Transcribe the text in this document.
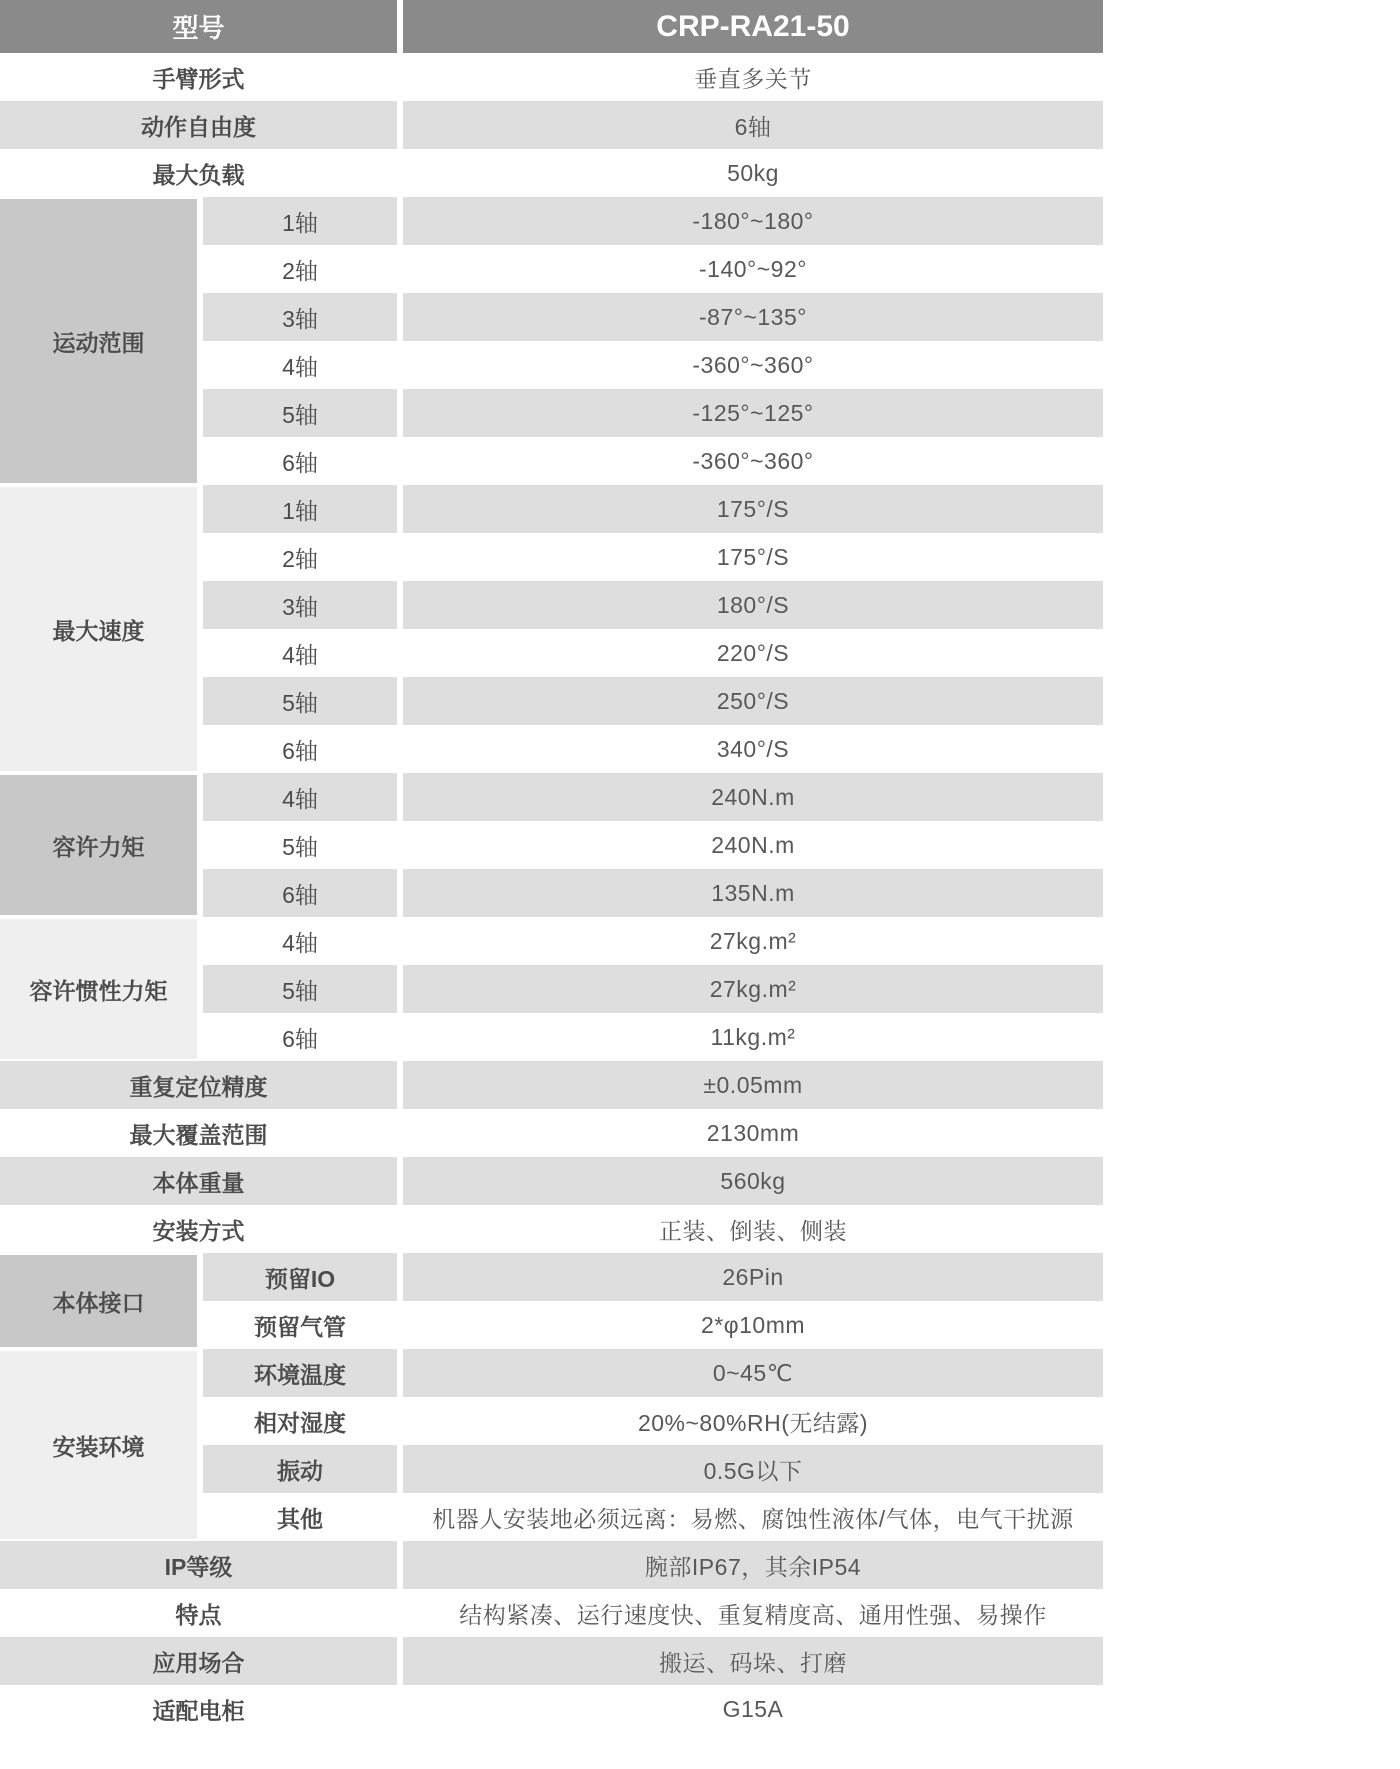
型号	CRP-RA21-50
手臂形式	垂直多关节
动作自由度	6轴
最大负载	50kg
运动范围
1轴	-180°~180°
2轴	-140°~92°
3轴	-87°~135°
4轴	-360°~360°
5轴	-125°~125°
6轴	-360°~360°
最大速度
1轴	175°/S
2轴	175°/S
3轴	180°/S
4轴	220°/S
5轴	250°/S
6轴	340°/S
容许力矩
4轴	240N.m
5轴	240N.m
6轴	135N.m
容许惯性力矩
4轴	27kg.m²
5轴	27kg.m²
6轴	11kg.m²
重复定位精度	±0.05mm
最大覆盖范围	2130mm
本体重量	560kg
安装方式	正装、倒装、侧装
本体接口
预留IO	26Pin
预留气管	2*φ10mm
安装环境
环境温度	0~45℃
相对湿度	20%~80%RH(无结露)
振动	0.5G以下
其他	机器人安装地必须远离：易燃、腐蚀性液体/气体，电气干扰源
IP等级	腕部IP67，其余IP54
特点	结构紧凑、运行速度快、重复精度高、通用性强、易操作
应用场合	搬运、码垛、打磨
适配电柜	G15A
